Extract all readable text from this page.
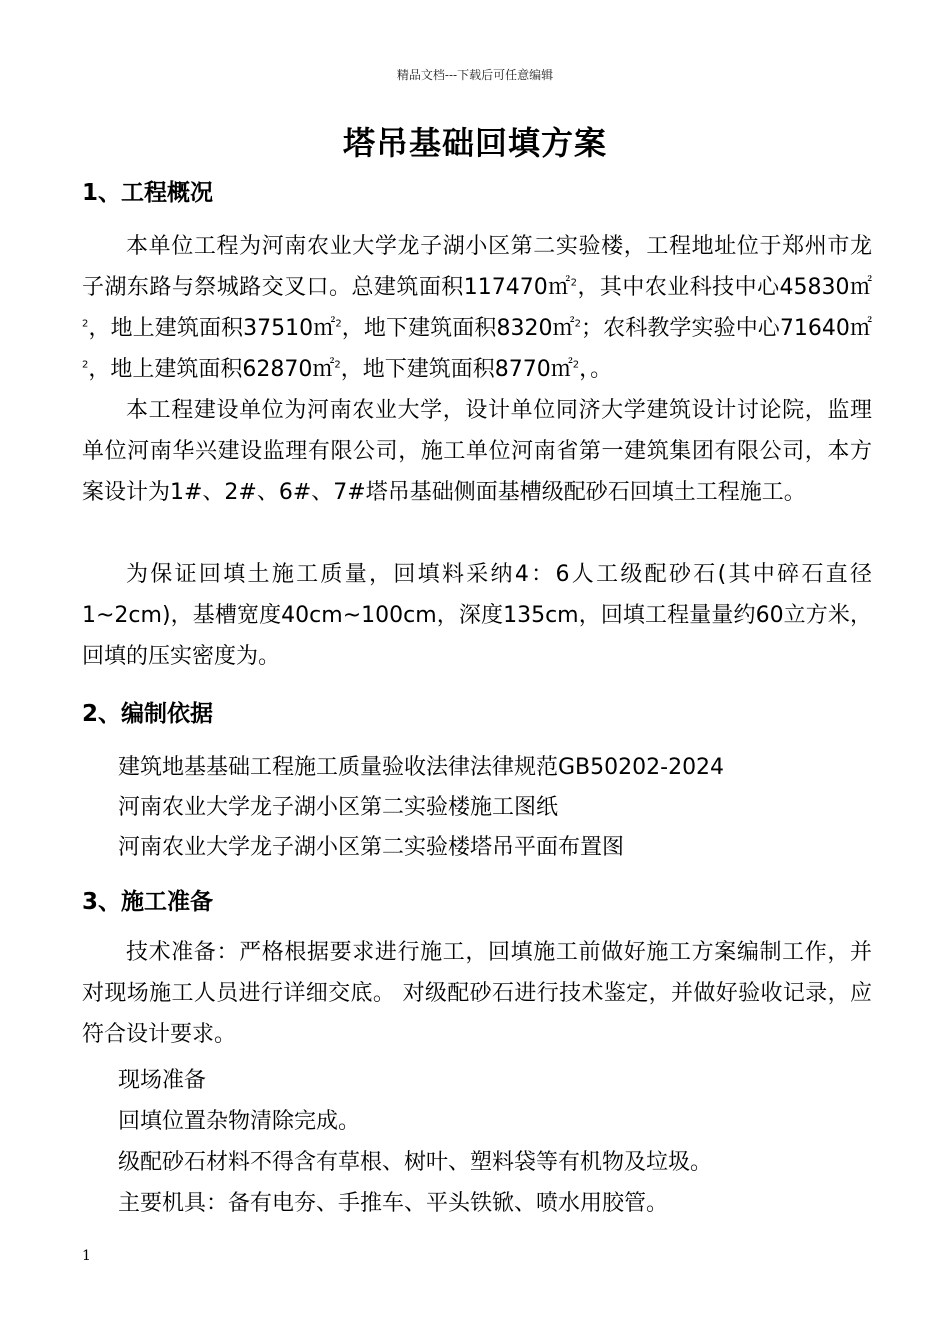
精品文档---下载后可任意编辑
塔吊基础回填方案
1、工程概况

本单位工程为河南农业大学龙子湖小区第二实验楼，工程地址位于郑州市龙子湖东路与祭城路交叉口。总建筑面积117470㎡$^2$，其中农业科技中心45830㎡$^2$，地上建筑面积37510㎡$^2$，地下建筑面积8320㎡$^2$；农科教学实验中心71640㎡$^2$，地上建筑面积62870㎡$^2$，地下建筑面积8770㎡$^2$，。

本工程建设单位为河南农业大学，设计单位同济大学建筑设计讨论院，监理单位河南华兴建设监理有限公司，施工单位河南省第一建筑集团有限公司，本方案设计为1#、2#、6#、7#塔吊基础侧面基槽级配砂石回填土工程施工。

为保证回填土施工质量，回填料采纳4：6人工级配砂石(其中碎石直径1~2cm)，基槽宽度40cm~100cm，深度135cm，回填工程量量约60立方米，回填的压实密度为。

2、编制依据

建筑地基基础工程施工质量验收法律法律规范GB50202-2024

河南农业大学龙子湖小区第二实验楼施工图纸

河南农业大学龙子湖小区第二实验楼塔吊平面布置图

3、施工准备

技术准备：严格根据要求进行施工，回填施工前做好施工方案编制工作，并对现场施工人员进行详细交底。 对级配砂石进行技术鉴定，并做好验收记录，应符合设计要求。

现场准备

回填位置杂物清除完成。

级配砂石材料不得含有草根、树叶、塑料袋等有机物及垃圾。

主要机具：备有电夯、手推车、平头铁锨、喷水用胶管。

1
